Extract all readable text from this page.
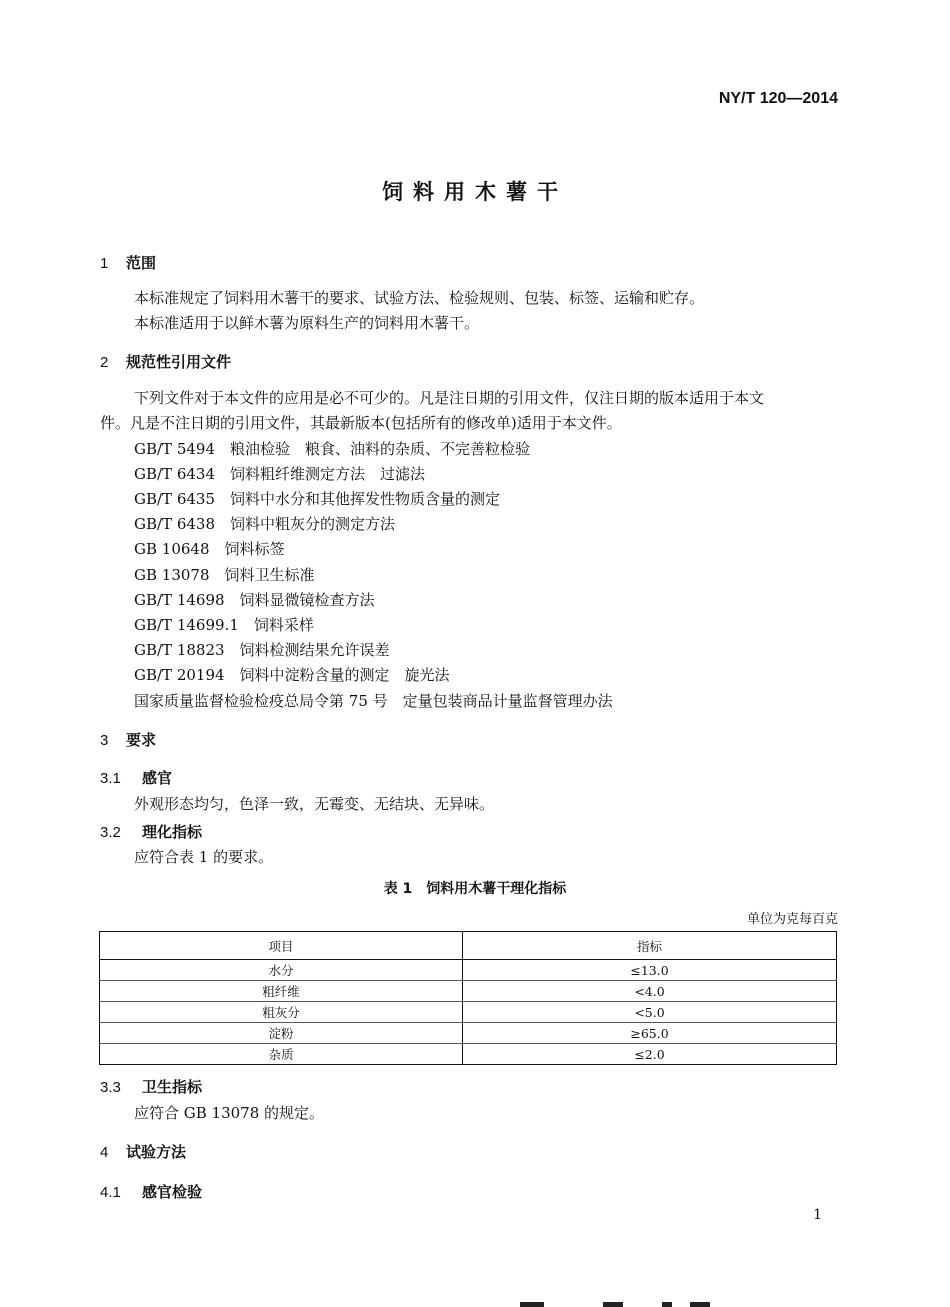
NY/T 120—2014
饲料用木薯干
1 范围
本标准规定了饲料用木薯干的要求、试验方法、检验规则、包装、标签、运输和贮存。
本标准适用于以鲜木薯为原料生产的饲料用木薯干。
2 规范性引用文件
下列文件对于本文件的应用是必不可少的。凡是注日期的引用文件，仅注日期的版本适用于本文
件。凡是不注日期的引用文件，其最新版本(包括所有的修改单)适用于本文件。
GB/T 5494　粮油检验　粮食、油料的杂质、不完善粒检验
GB/T 6434　饲料粗纤维测定方法　过滤法
GB/T 6435　饲料中水分和其他挥发性物质含量的测定
GB/T 6438　饲料中粗灰分的测定方法
GB 10648　饲料标签
GB 13078　饲料卫生标准
GB/T 14698　饲料显微镜检查方法
GB/T 14699.1　饲料采样
GB/T 18823　饲料检测结果允许误差
GB/T 20194　饲料中淀粉含量的测定　旋光法
国家质量监督检验检疫总局令第 75 号　定量包装商品计量监督管理办法
3 要求
3.1 感官
外观形态均匀，色泽一致，无霉变、无结块、无异味。
3.2 理化指标
应符合表 1 的要求。
表 1　饲料用木薯干理化指标
单位为克每百克
项目	指标
水分	≤13.0
粗纤维	<4.0
粗灰分	<5.0
淀粉	≥65.0
杂质	≤2.0
3.3 卫生指标
应符合 GB 13078 的规定。
4 试验方法
4.1 感官检验
1
